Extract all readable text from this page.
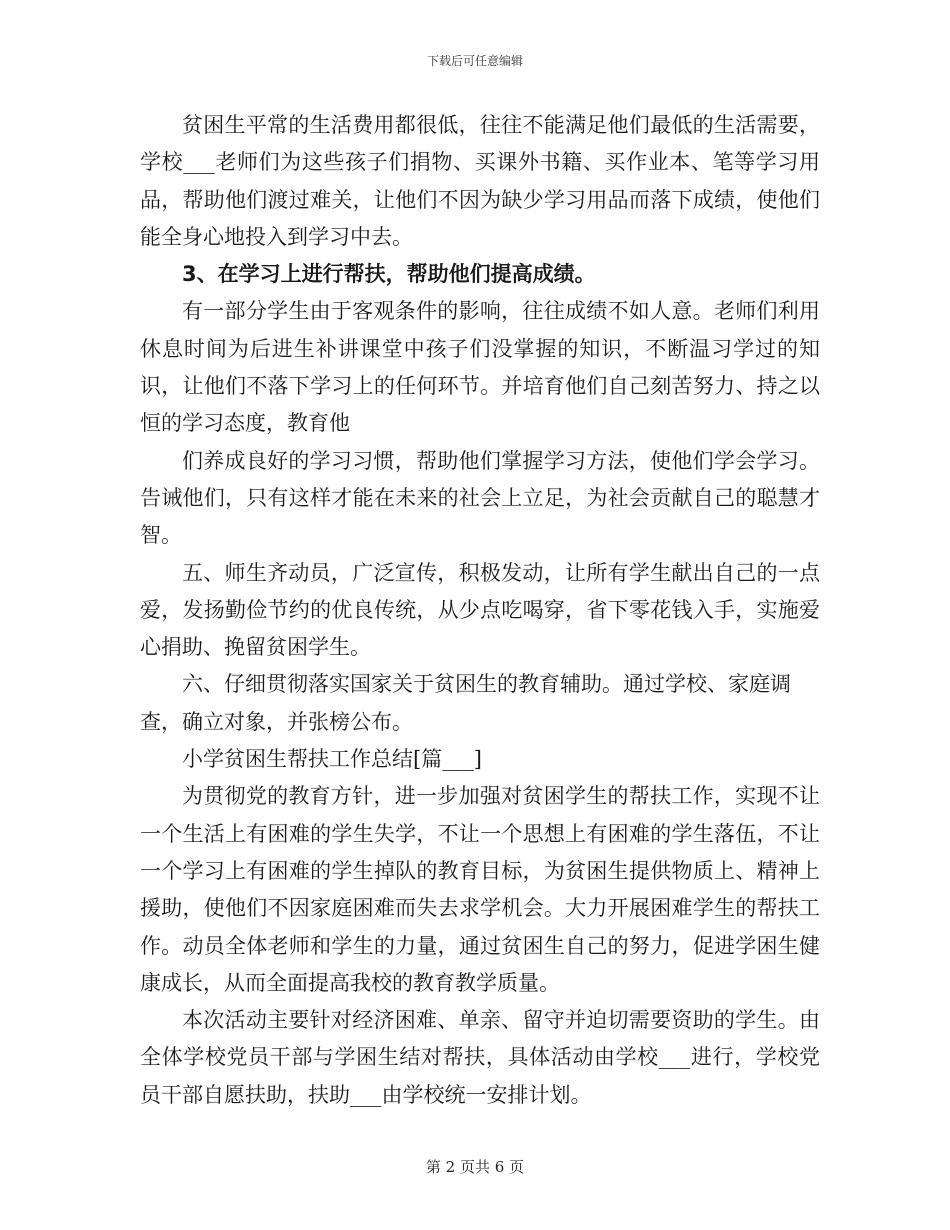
下载后可任意编辑

贫困生平常的生活费用都很低，往往不能满足他们最低的生活需要，学校___老师们为这些孩子们捐物、买课外书籍、买作业本、笔等学习用品，帮助他们渡过难关，让他们不因为缺少学习用品而落下成绩，使他们能全身心地投入到学习中去。

3、在学习上进行帮扶，帮助他们提高成绩。

有一部分学生由于客观条件的影响，往往成绩不如人意。老师们利用休息时间为后进生补讲课堂中孩子们没掌握的知识，不断温习学过的知识，让他们不落下学习上的任何环节。并培育他们自己刻苦努力、持之以恒的学习态度，教育他

们养成良好的学习习惯，帮助他们掌握学习方法，使他们学会学习。告诫他们，只有这样才能在未来的社会上立足，为社会贡献自己的聪慧才智。

五、师生齐动员，广泛宣传，积极发动，让所有学生献出自己的一点爱，发扬勤俭节约的优良传统，从少点吃喝穿，省下零花钱入手，实施爱心捐助、挽留贫困学生。

六、仔细贯彻落实国家关于贫困生的教育辅助。通过学校、家庭调查，确立对象，并张榜公布。

小学贫困生帮扶工作总结[篇___]

为贯彻党的教育方针，进一步加强对贫困学生的帮扶工作，实现不让一个生活上有困难的学生失学，不让一个思想上有困难的学生落伍，不让一个学习上有困难的学生掉队的教育目标，为贫困生提供物质上、精神上援助，使他们不因家庭困难而失去求学机会。大力开展困难学生的帮扶工作。动员全体老师和学生的力量，通过贫困生自己的努力，促进学困生健康成长，从而全面提高我校的教育教学质量。

本次活动主要针对经济困难、单亲、留守并迫切需要资助的学生。由全体学校党员干部与学困生结对帮扶，具体活动由学校___进行，学校党员干部自愿扶助，扶助___由学校统一安排计划。

第 2 页共 6 页
